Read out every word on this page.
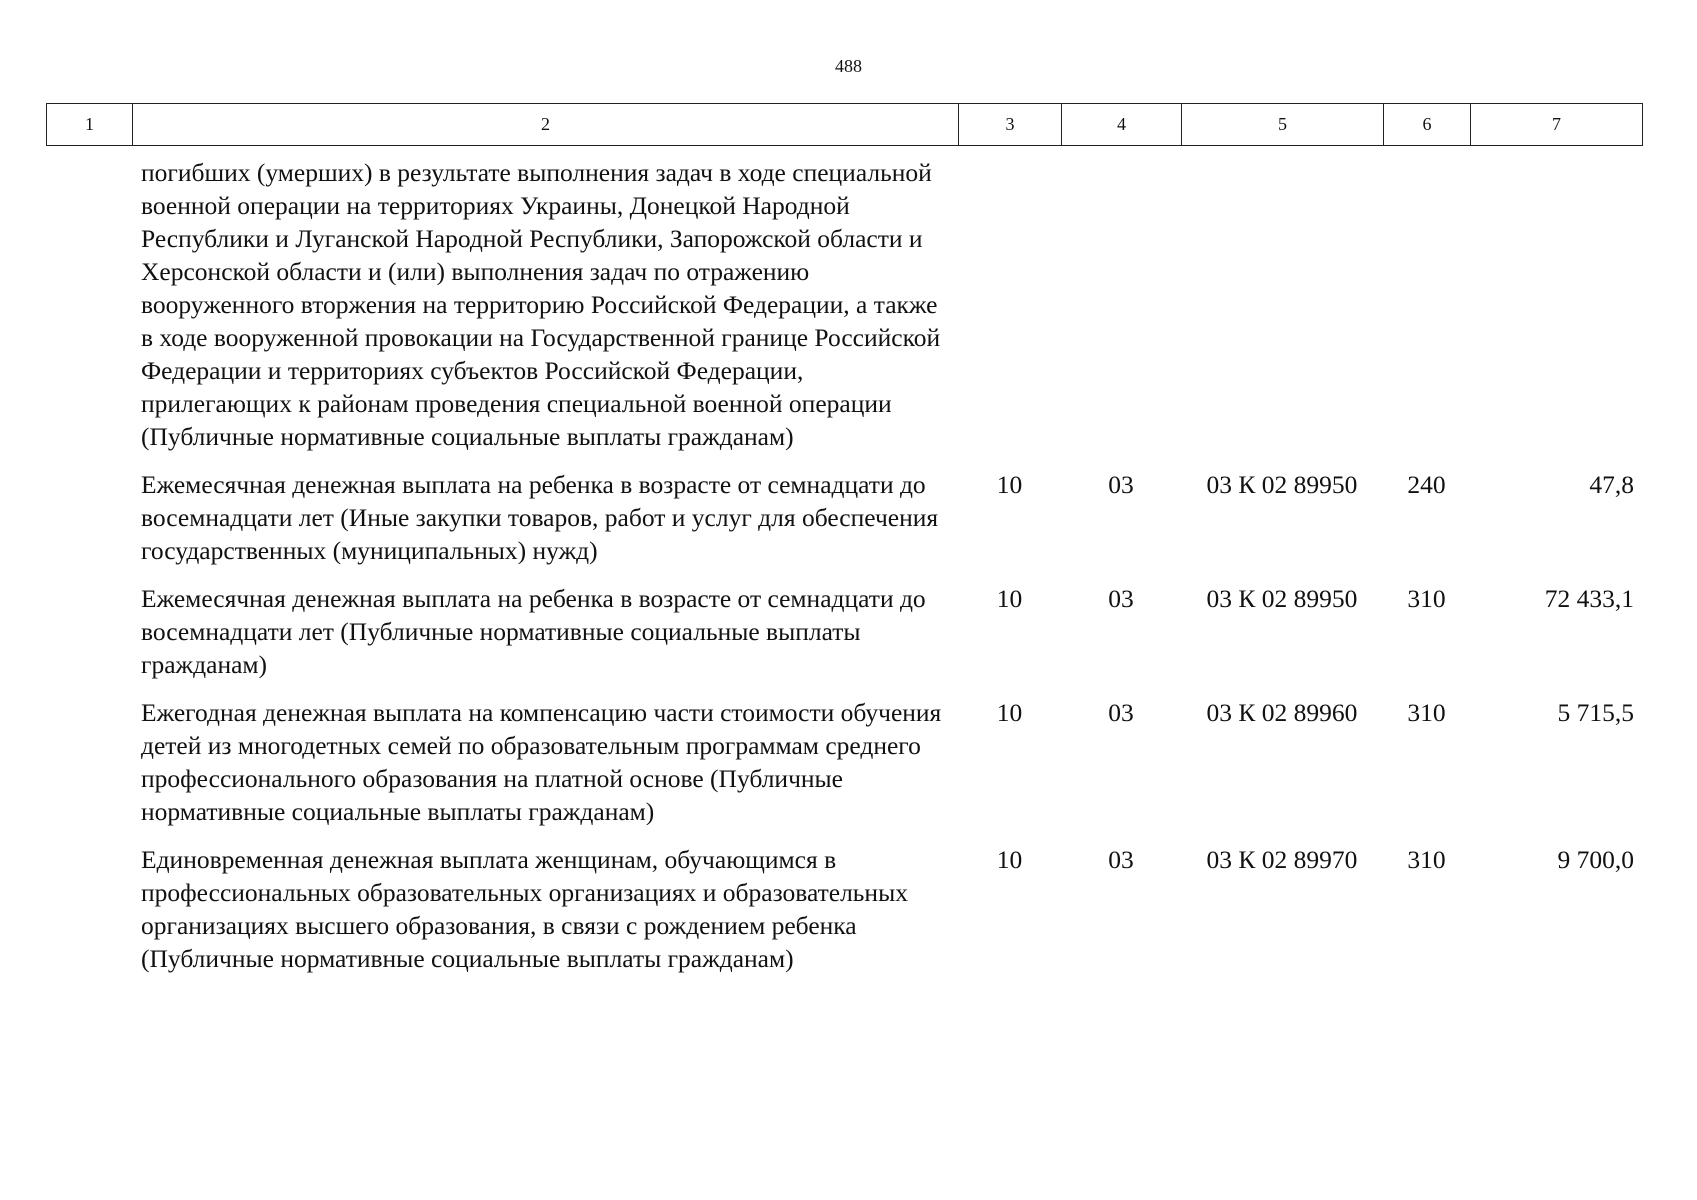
488
1	2	3	4	5	6	7
погибших (умерших) в результате выполнения задач в ходе специальной военной операции на территориях Украины, Донецкой Народной Республики и Луганской Народной Республики, Запорожской области и Херсонской области и (или) выполнения задач по отражению вооруженного вторжения на территорию Российской Федерации, а также в ходе вооруженной провокации на Государственной границе Российской Федерации и территориях субъектов Российской Федерации, прилегающих к районам проведения специальной военной операции (Публичные нормативные социальные выплаты гражданам)					
Ежемесячная денежная выплата на ребенка в возрасте от семнадцати до восемнадцати лет (Иные закупки товаров, работ и услуг для обеспечения государственных (муниципальных) нужд)	10	03	03 К 02 89950	240	47,8
Ежемесячная денежная выплата на ребенка в возрасте от семнадцати до восемнадцати лет (Публичные нормативные социальные выплаты гражданам)	10	03	03 К 02 89950	310	72 433,1
Ежегодная денежная выплата на компенсацию части стоимости обучения детей из многодетных семей по образовательным программам среднего профессионального образования на платной основе (Публичные нормативные социальные выплаты гражданам)	10	03	03 К 02 89960	310	5 715,5
Единовременная денежная выплата женщинам, обучающимся в профессиональных образовательных организациях и образовательных организациях высшего образования, в связи с рождением ребенка (Публичные нормативные социальные выплаты гражданам)	10	03	03 К 02 89970	310	9 700,0
